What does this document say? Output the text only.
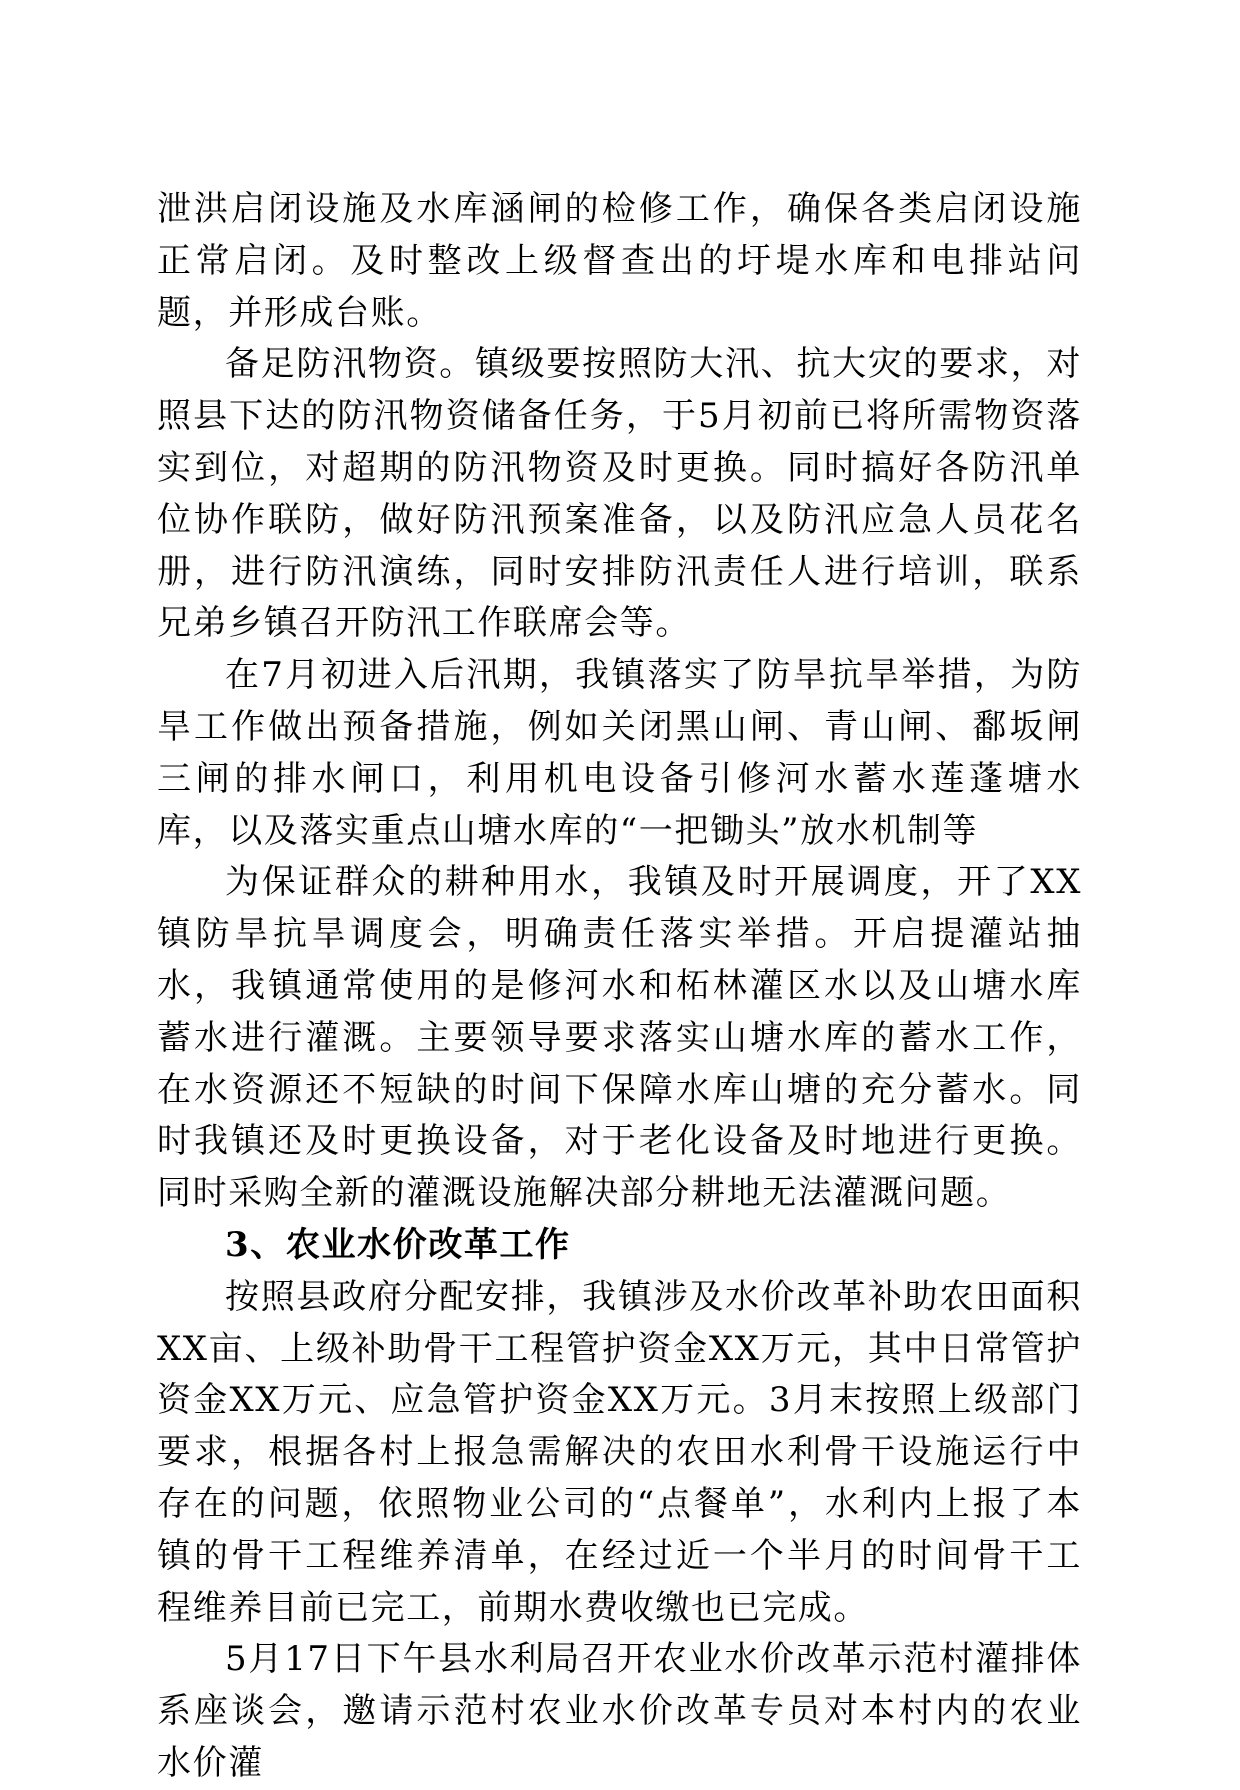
泄洪启闭设施及水库涵闸的检修工作，确保各类启闭设施正常启闭。及时整改上级督查出的圩堤水库和电排站问题，并形成台账。

备足防汛物资。镇级要按照防大汛、抗大灾的要求，对照县下达的防汛物资储备任务，于5月初前已将所需物资落实到位，对超期的防汛物资及时更换。同时搞好各防汛单位协作联防，做好防汛预案准备，以及防汛应急人员花名册，进行防汛演练，同时安排防汛责任人进行培训，联系兄弟乡镇召开防汛工作联席会等。

在7月初进入后汛期，我镇落实了防旱抗旱举措，为防旱工作做出预备措施，例如关闭黑山闸、青山闸、鄱坂闸三闸的排水闸口，利用机电设备引修河水蓄水莲蓬塘水库，以及落实重点山塘水库的“一把锄头”放水机制等

为保证群众的耕种用水，我镇及时开展调度，开了XX镇防旱抗旱调度会，明确责任落实举措。开启提灌站抽水，我镇通常使用的是修河水和柘林灌区水以及山塘水库蓄水进行灌溉。主要领导要求落实山塘水库的蓄水工作，在水资源还不短缺的时间下保障水库山塘的充分蓄水。同时我镇还及时更换设备，对于老化设备及时地进行更换。同时采购全新的灌溉设施解决部分耕地无法灌溉问题。

3、农业水价改革工作

按照县政府分配安排，我镇涉及水价改革补助农田面积XX亩、上级补助骨干工程管护资金XX万元，其中日常管护资金XX万元、应急管护资金XX万元。3月末按照上级部门要求，根据各村上报急需解决的农田水利骨干设施运行中存在的问题，依照物业公司的“点餐单”，水利内上报了本镇的骨干工程维养清单，在经过近一个半月的时间骨干工程维养目前已完工，前期水费收缴也已完成。

5月17日下午县水利局召开农业水价改革示范村灌排体系座谈会，邀请示范村农业水价改革专员对本村内的农业水价灌
